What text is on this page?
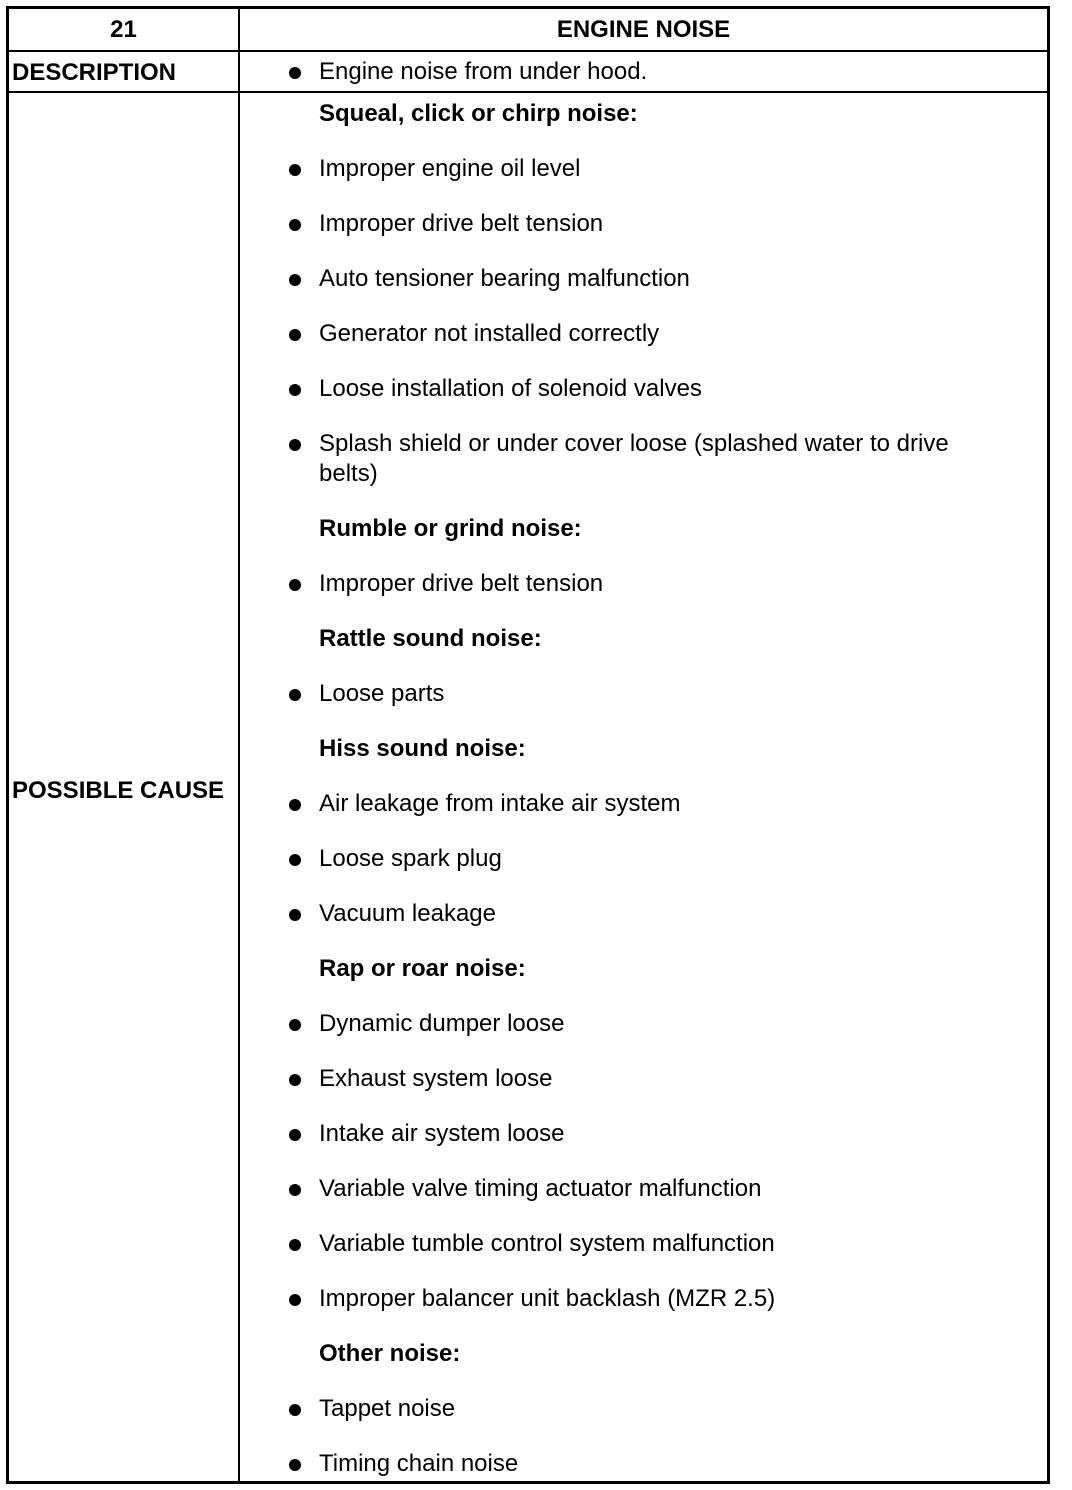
21	ENGINE NOISE
DESCRIPTION	Engine noise from under hood.
POSSIBLE CAUSE
Squeal, click or chirp noise:
Improper engine oil level
Improper drive belt tension
Auto tensioner bearing malfunction
Generator not installed correctly
Loose installation of solenoid valves
Splash shield or under cover loose (splashed water to drive
belts)
Rumble or grind noise:
Improper drive belt tension
Rattle sound noise:
Loose parts
Hiss sound noise:
Air leakage from intake air system
Loose spark plug
Vacuum leakage
Rap or roar noise:
Dynamic dumper loose
Exhaust system loose
Intake air system loose
Variable valve timing actuator malfunction
Variable tumble control system malfunction
Improper balancer unit backlash (MZR 2.5)
Other noise:
Tappet noise
Timing chain noise
